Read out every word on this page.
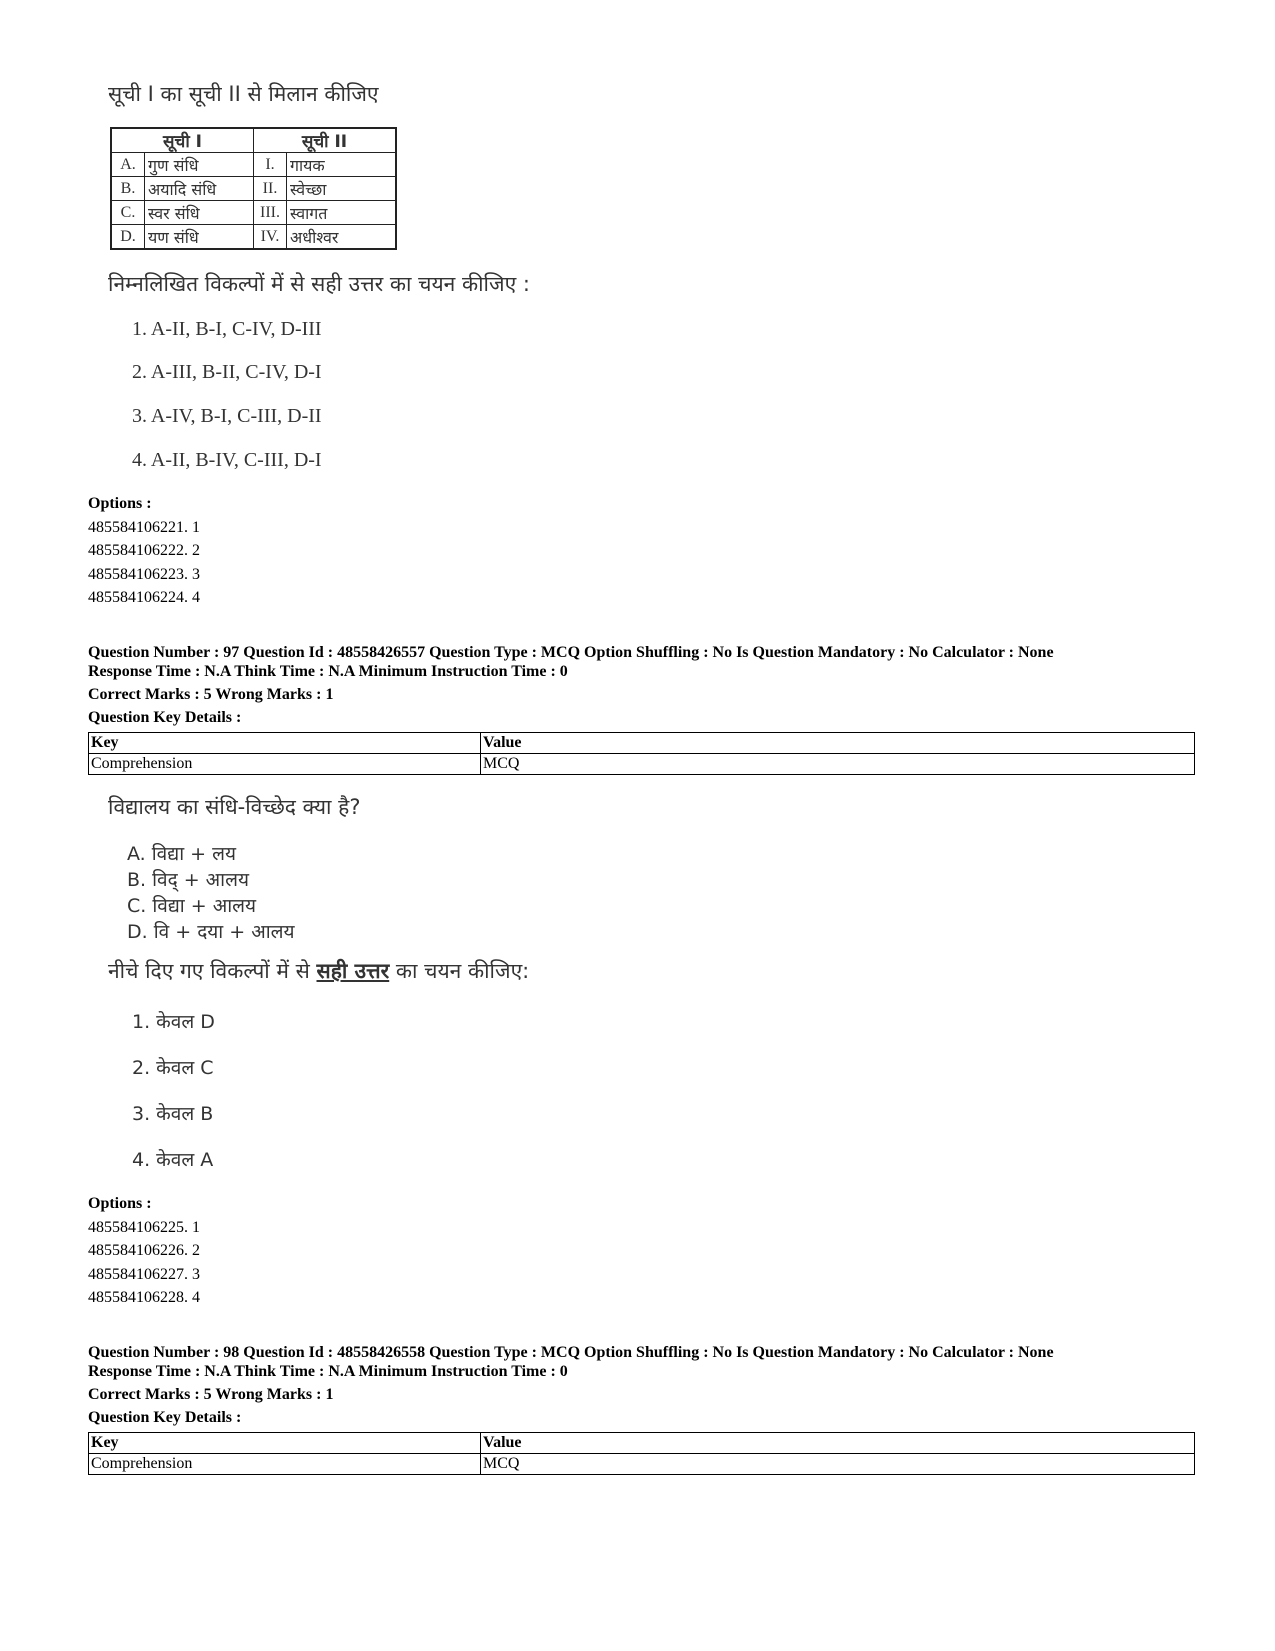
सूची I का सूची II से मिलान कीजिए
सूची I		सूची II	
A.	गुण संधि	I.	गायक
B.	अयादि संधि	II.	स्वेच्छा
C.	स्वर संधि	III.	स्वागत
D.	यण संधि	IV.	अधीश्वर
निम्नलिखित विकल्पों में से सही उत्तर का चयन कीजिए :
1. A-II, B-I, C-IV, D-III
2. A-III, B-II, C-IV, D-I
3. A-IV, B-I, C-III, D-II
4. A-II, B-IV, C-III, D-I
Options :
485584106221. 1
485584106222. 2
485584106223. 3
485584106224. 4
Question Number : 97 Question Id : 48558426557 Question Type : MCQ Option Shuffling : No Is Question Mandatory : No Calculator : None
Response Time : N.A Think Time : N.A Minimum Instruction Time : 0
Correct Marks : 5 Wrong Marks : 1
Question Key Details :
Key	Value
Comprehension	MCQ
विद्यालय का संधि-विच्छेद क्या है?
A. विद्या + लय
B. विद् + आलय
C. विद्या + आलय
D. वि + दया + आलय
नीचे दिए गए विकल्पों में से सही उत्तर का चयन कीजिए:
1. केवल D
2. केवल C
3. केवल B
4. केवल A
Options :
485584106225. 1
485584106226. 2
485584106227. 3
485584106228. 4
Question Number : 98 Question Id : 48558426558 Question Type : MCQ Option Shuffling : No Is Question Mandatory : No Calculator : None
Response Time : N.A Think Time : N.A Minimum Instruction Time : 0
Correct Marks : 5 Wrong Marks : 1
Question Key Details :
Key	Value
Comprehension	MCQ
